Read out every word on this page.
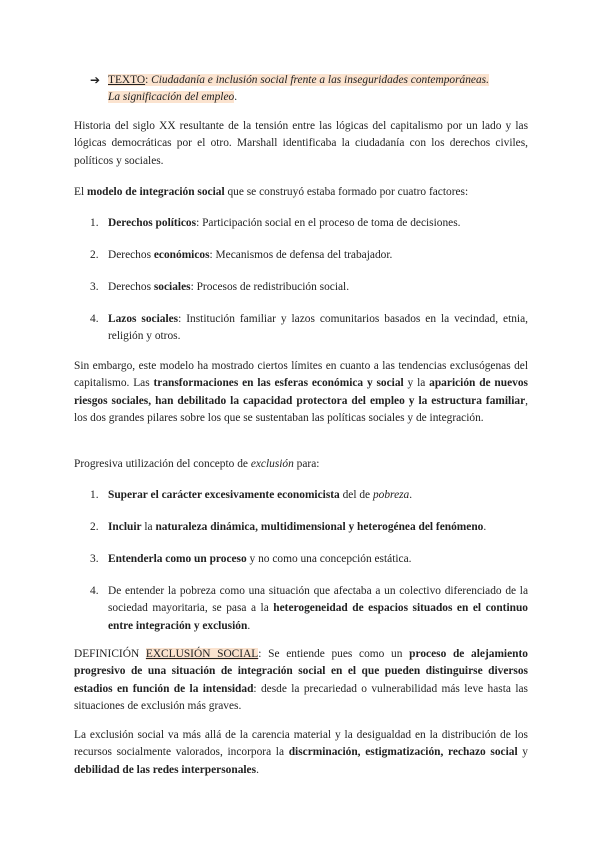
➔ TEXTO: Ciudadanía e inclusión social frente a las inseguridades contemporáneas.
La significación del empleo.

Historia del siglo XX resultante de la tensión entre las lógicas del capitalismo por un lado y las lógicas democráticas por el otro. Marshall identificaba la ciudadanía con los derechos civiles, políticos y sociales.

El modelo de integración social que se construyó estaba formado por cuatro factores:

1. Derechos políticos: Participación social en el proceso de toma de decisiones.

2. Derechos económicos: Mecanismos de defensa del trabajador.

3. Derechos sociales: Procesos de redistribución social.

4. Lazos sociales: Institución familiar y lazos comunitarios basados en la vecindad, etnia, religión y otros.

Sin embargo, este modelo ha mostrado ciertos límites en cuanto a las tendencias exclusógenas del capitalismo. Las transformaciones en las esferas económica y social y la aparición de nuevos riesgos sociales, han debilitado la capacidad protectora del empleo y la estructura familiar, los dos grandes pilares sobre los que se sustentaban las políticas sociales y de integración.

Progresiva utilización del concepto de exclusión para:

1. Superar el carácter excesivamente economicista del de pobreza.

2. Incluir la naturaleza dinámica, multidimensional y heterogénea del fenómeno.

3. Entenderla como un proceso y no como una concepción estática.

4. De entender la pobreza como una situación que afectaba a un colectivo diferenciado de la sociedad mayoritaria, se pasa a la heterogeneidad de espacios situados en el continuo entre integración y exclusión.

DEFINICIÓN EXCLUSIÓN SOCIAL: Se entiende pues como un proceso de alejamiento progresivo de una situación de integración social en el que pueden distinguirse diversos estadios en función de la intensidad: desde la precariedad o vulnerabilidad más leve hasta las situaciones de exclusión más graves.

La exclusión social va más allá de la carencia material y la desigualdad en la distribución de los recursos socialmente valorados, incorpora la discrminación, estigmatización, rechazo social y debilidad de las redes interpersonales.
